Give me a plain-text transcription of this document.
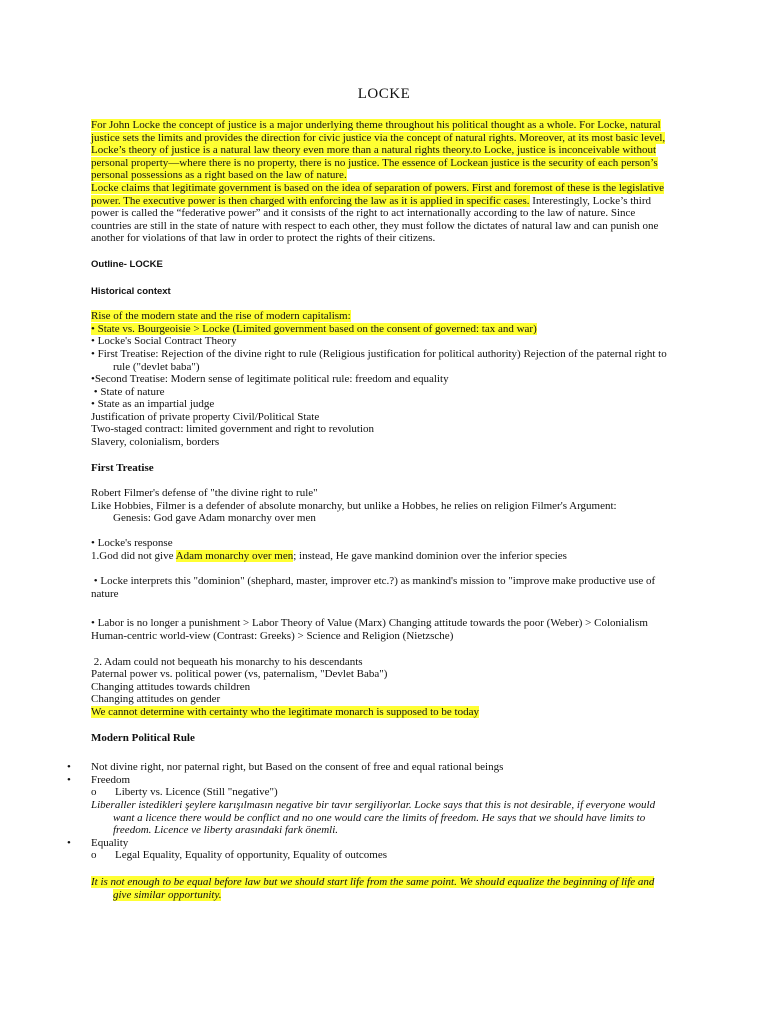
LOCKE

For John Locke the concept of justice is a major underlying theme throughout his political thought as a whole. For Locke, natural justice sets the limits and provides the direction for civic justice via the concept of natural rights. Moreover, at its most basic level, Locke’s theory of justice is a natural law theory even more than a natural rights theory.to Locke, justice is inconceivable without personal property—where there is no property, there is no justice. The essence of Lockean justice is the security of each person’s personal possessions as a right based on the law of nature.
Locke claims that legitimate government is based on the idea of separation of powers. First and foremost of these is the legislative power. The executive power is then charged with enforcing the law as it is applied in specific cases. Interestingly, Locke’s third power is called the “federative power” and it consists of the right to act internationally according to the law of nature. Since countries are still in the state of nature with respect to each other, they must follow the dictates of natural law and can punish one another for violations of that law in order to protect the rights of their citizens.

Outline- LOCKE

Historical context

Rise of the modern state and the rise of modern capitalism:

• State vs. Bourgeoisie > Locke (Limited government based on the consent of governed: tax and war)

• Locke's Social Contract Theory

• First Treatise: Rejection of the divine right to rule (Religious justification for political authority) Rejection of the paternal right to rule ("devlet baba")

•Second Treatise: Modern sense of legitimate political rule: freedom and equality

• State of nature

• State as an impartial judge

Justification of private property Civil/Political State

Two-staged contract: limited government and right to revolution

Slavery, colonialism, borders

First Treatise

Robert Filmer's defense of "the divine right to rule"

Like Hobbies, Filmer is a defender of absolute monarchy, but unlike a Hobbes, he relies on religion Filmer's Argument:

Genesis: God gave Adam monarchy over men

• Locke's response

1.God did not give Adam monarchy over men; instead, He gave mankind dominion over the inferior species

• Locke interprets this "dominion" (shephard, master, improver etc.?) as mankind's mission to "improve make productive use of nature

• Labor is no longer a punishment > Labor Theory of Value (Marx) Changing attitude towards the poor (Weber) > Colonialism

Human-centric world-view (Contrast: Greeks) > Science and Religion (Nietzsche)

2. Adam could not bequeath his monarchy to his descendants

Paternal power vs. political power (vs, paternalism, "Devlet Baba")

Changing attitudes towards children

Changing attitudes on gender

We cannot determine with certainty who the legitimate monarch is supposed to be today

Modern Political Rule

• Not divine right, nor paternal right, but Based on the consent of free and equal rational beings

• Freedom

o Liberty vs. Licence (Still "negative")

Liberaller istedikleri şeylere karışılmasın negative bir tavır sergiliyorlar. Locke says that this is not desirable, if everyone would want a licence there would be conflict and no one would care the limits of freedom. He says that we should have limits to freedom. Licence ve liberty arasındaki fark önemli.

• Equality

o Legal Equality, Equality of opportunity, Equality of outcomes

It is not enough to be equal before law but we should start life from the same point. We should equalize the beginning of life and give similar opportunity.
